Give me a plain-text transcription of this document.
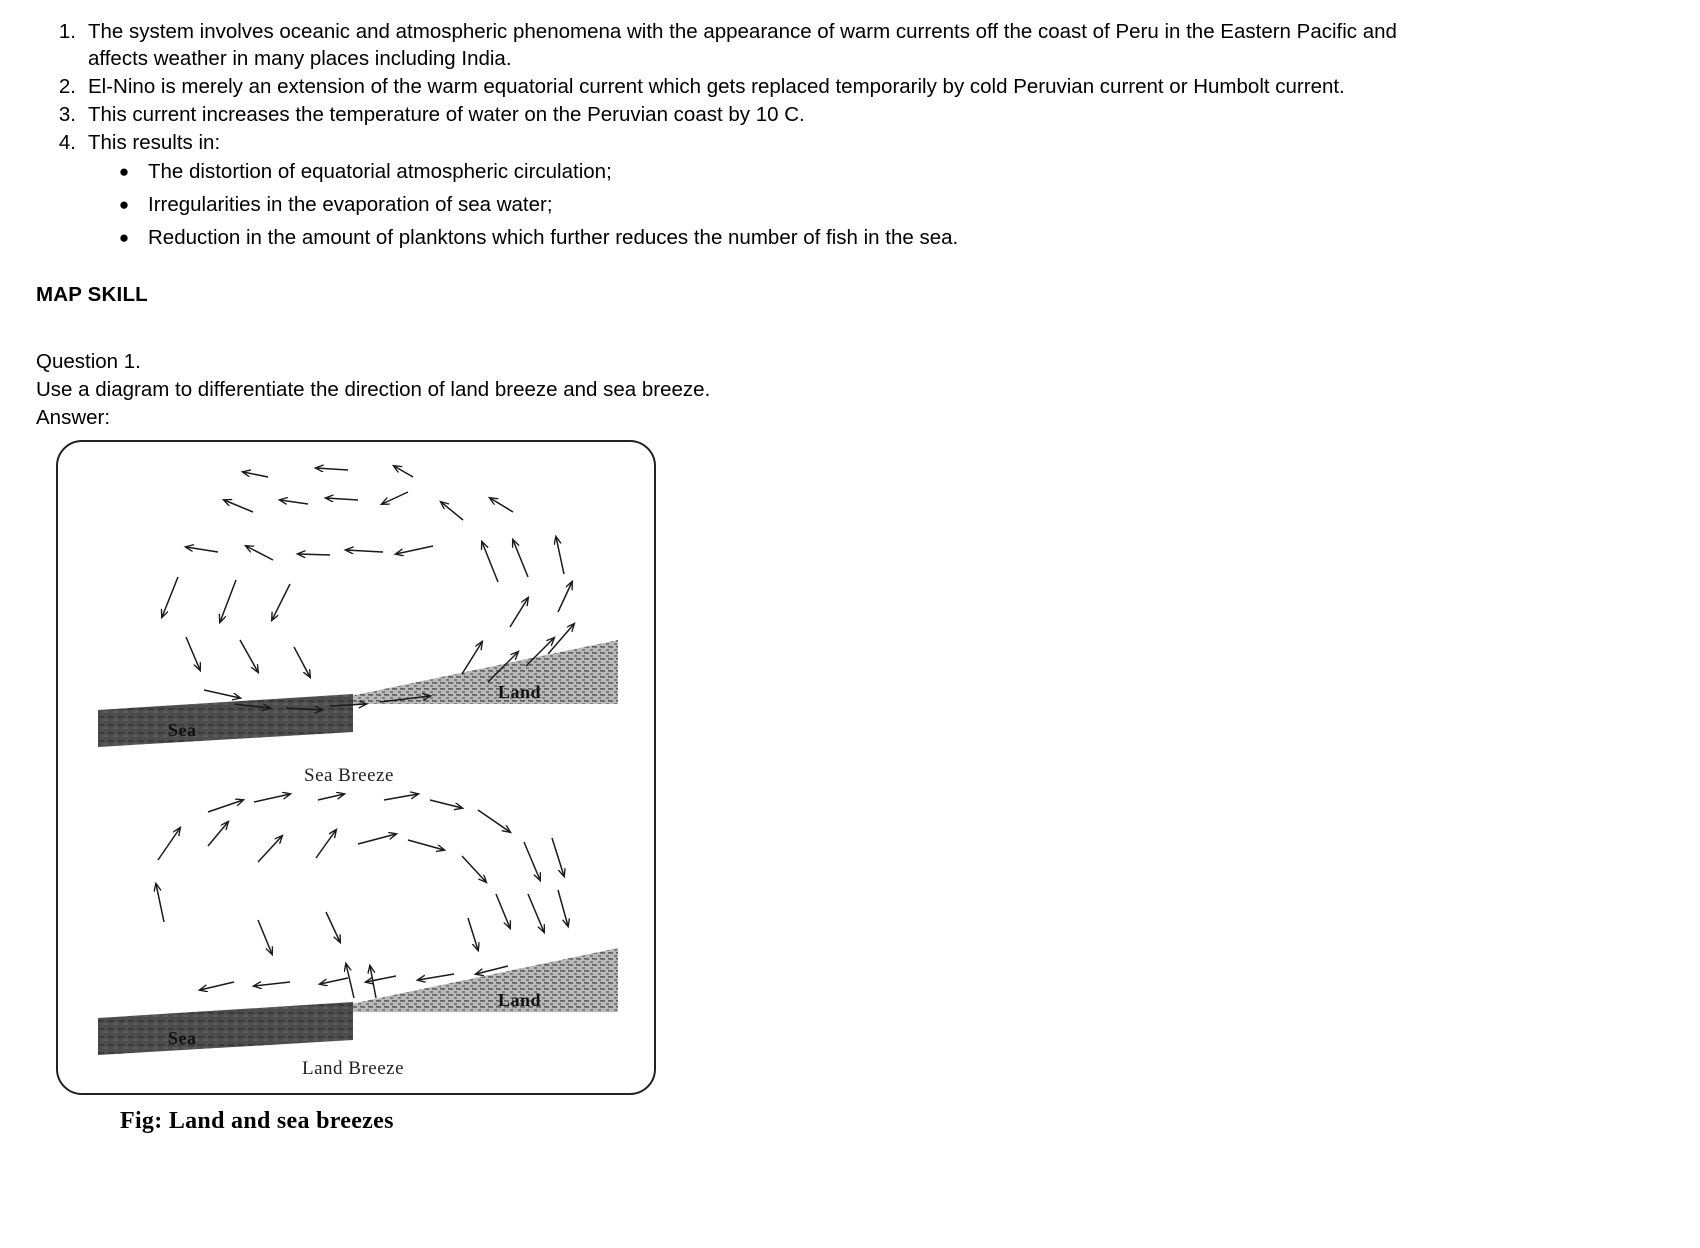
1. The system involves oceanic and atmospheric phenomena with the appearance of warm currents off the coast of Peru in the Eastern Pacific and affects weather in many places including India.
2. El-Nino is merely an extension of the warm equatorial current which gets replaced temporarily by cold Peruvian current or Humbolt current.
3. This current increases the temperature of water on the Peruvian coast by 10 C.
4. This results in:
● The distortion of equatorial atmospheric circulation;
● Irregularities in the evaporation of sea water;
● Reduction in the amount of planktons which further reduces the number of fish in the sea.
MAP SKILL
Question 1.
Use a diagram to differentiate the direction of land breeze and sea breeze.
Answer:
Sea
Land
Sea Breeze
Sea
Land
Land Breeze
Fig: Land and sea breezes
